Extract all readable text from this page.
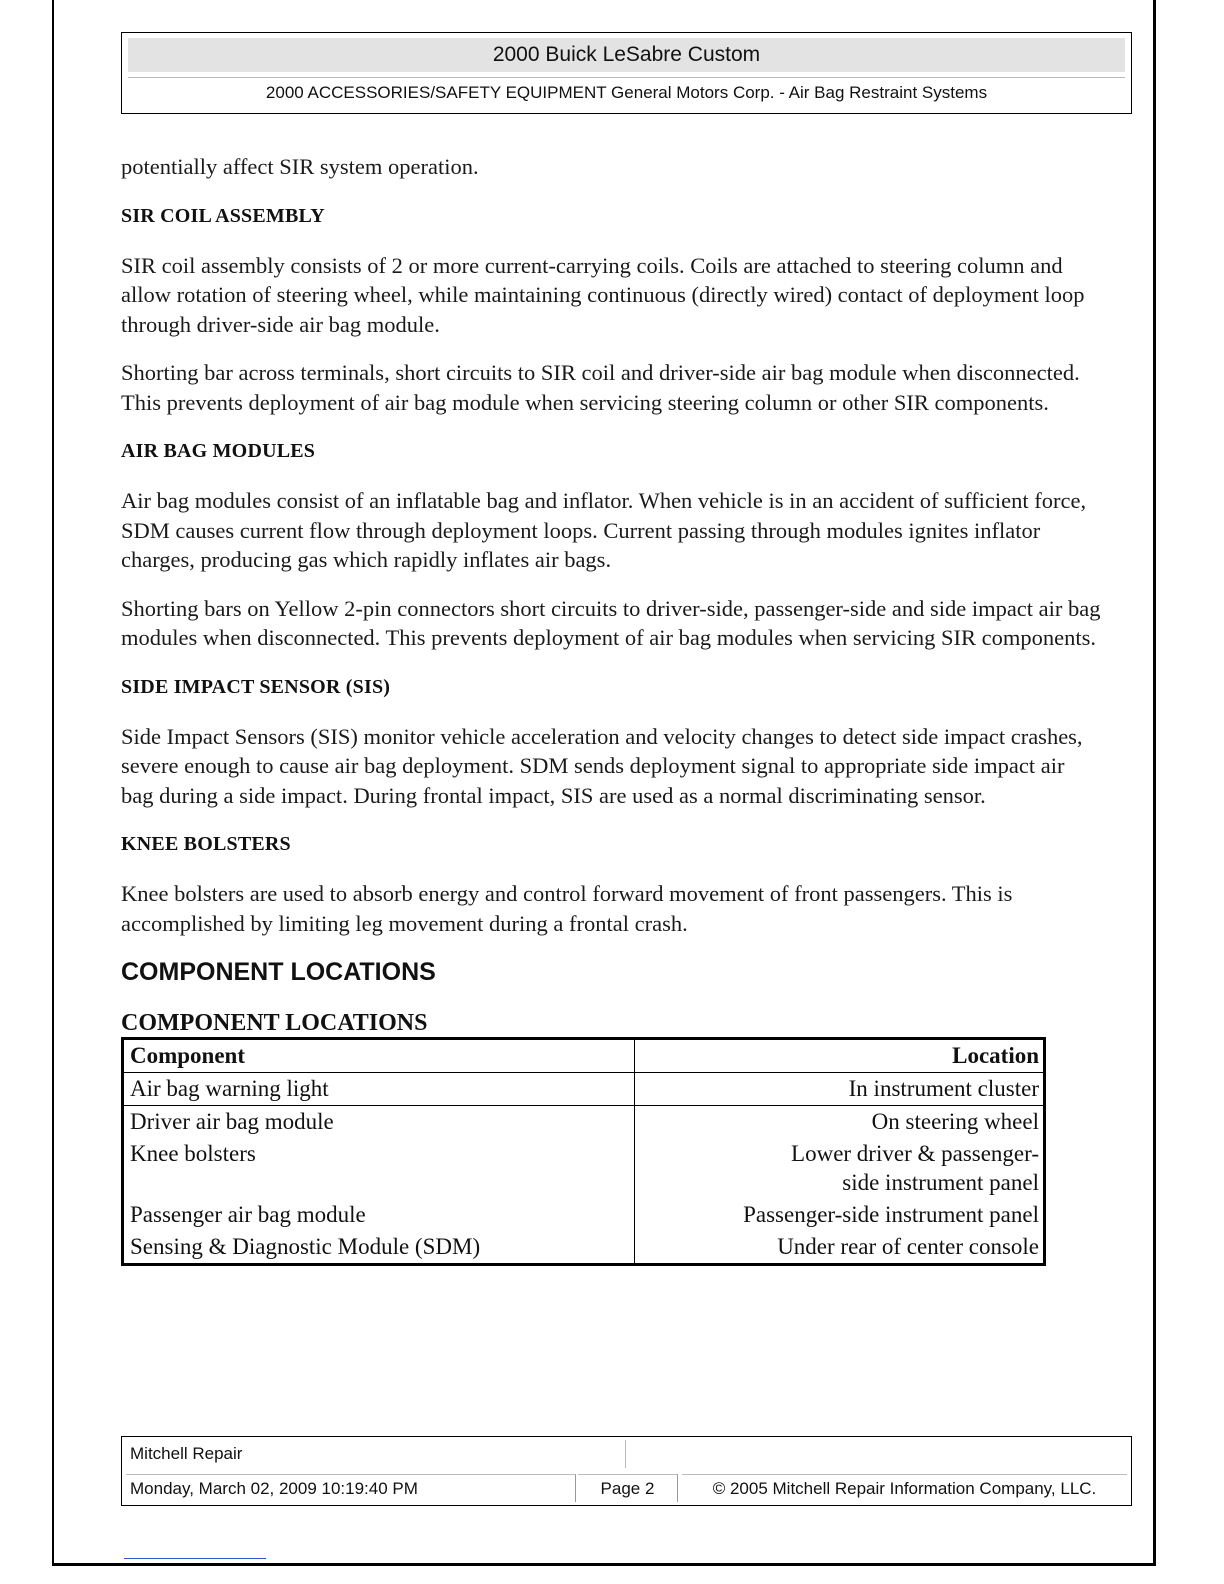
2000 Buick LeSabre Custom
2000 ACCESSORIES/SAFETY EQUIPMENT General Motors Corp. - Air Bag Restraint Systems

potentially affect SIR system operation.

SIR COIL ASSEMBLY

SIR coil assembly consists of 2 or more current-carrying coils. Coils are attached to steering column and allow rotation of steering wheel, while maintaining continuous (directly wired) contact of deployment loop through driver-side air bag module.

Shorting bar across terminals, short circuits to SIR coil and driver-side air bag module when disconnected. This prevents deployment of air bag module when servicing steering column or other SIR components.

AIR BAG MODULES

Air bag modules consist of an inflatable bag and inflator. When vehicle is in an accident of sufficient force, SDM causes current flow through deployment loops. Current passing through modules ignites inflator charges, producing gas which rapidly inflates air bags.

Shorting bars on Yellow 2-pin connectors short circuits to driver-side, passenger-side and side impact air bag modules when disconnected. This prevents deployment of air bag modules when servicing SIR components.

SIDE IMPACT SENSOR (SIS)

Side Impact Sensors (SIS) monitor vehicle acceleration and velocity changes to detect side impact crashes, severe enough to cause air bag deployment. SDM sends deployment signal to appropriate side impact air bag during a side impact. During frontal impact, SIS are used as a normal discriminating sensor.

KNEE BOLSTERS

Knee bolsters are used to absorb energy and control forward movement of front passengers. This is accomplished by limiting leg movement during a frontal crash.

COMPONENT LOCATIONS
COMPONENT LOCATIONS
Component	Location
Air bag warning light	In instrument cluster
Driver air bag module	On steering wheel
Knee bolsters	Lower driver & passenger-side instrument panel
Passenger air bag module	Passenger-side instrument panel
Sensing & Diagnostic Module (SDM)	Under rear of center console
Mitchell Repair
Monday, March 02, 2009 10:19:40 PM	Page 2	© 2005 Mitchell Repair Information Company, LLC.
